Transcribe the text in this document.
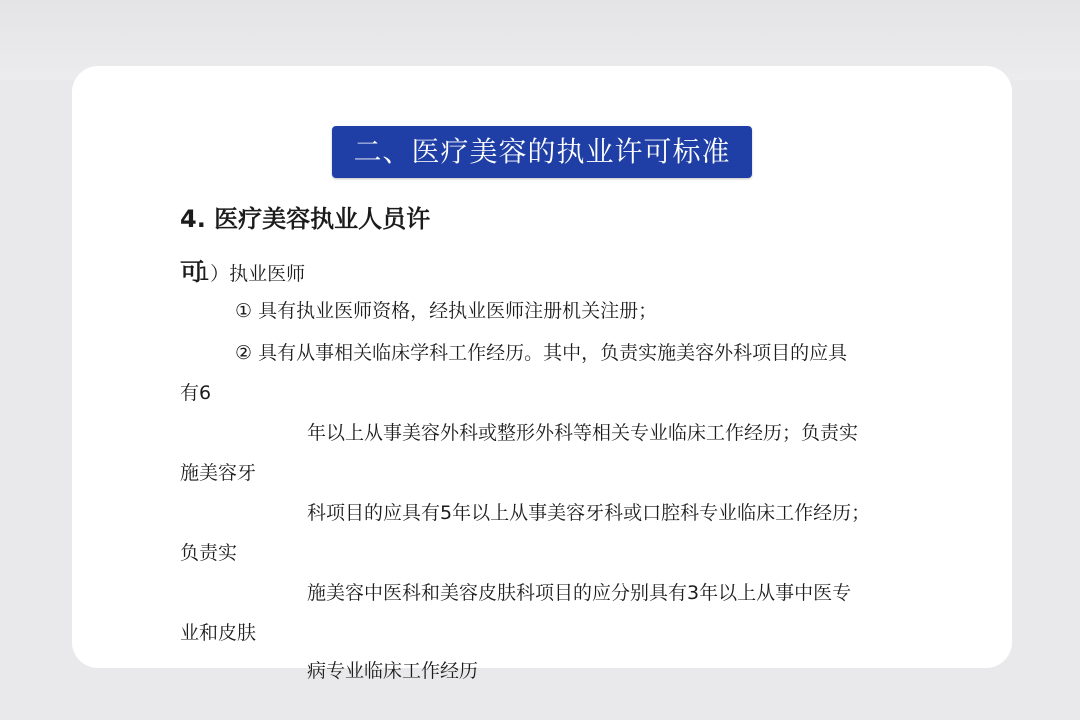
二、医疗美容的执业许可标准
4. 医疗美容执业人员许
可
1）执业医师
① 具有执业医师资格，经执业医师注册机关注册；
② 具有从事相关临床学科工作经历。其中，负责实施美容外科项目的应具
有6
年以上从事美容外科或整形外科等相关专业临床工作经历；负责实
施美容牙
科项目的应具有5年以上从事美容牙科或口腔科专业临床工作经历；
负责实
施美容中医科和美容皮肤科项目的应分别具有3年以上从事中医专
业和皮肤
病专业临床工作经历
